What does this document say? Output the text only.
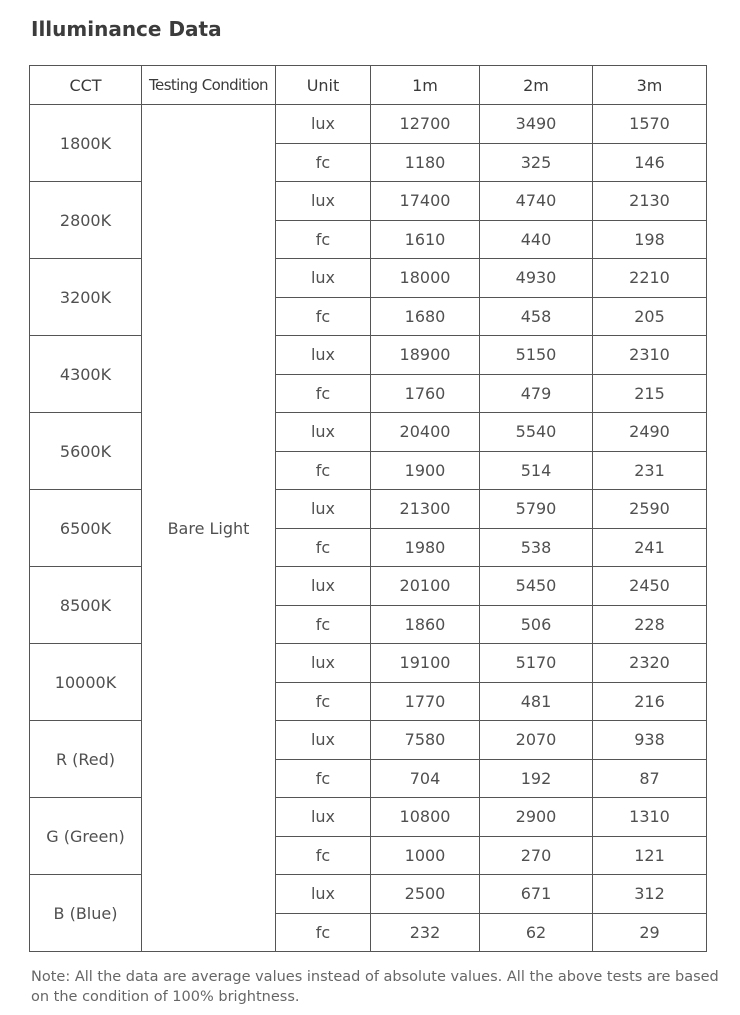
Illuminance Data
CCT	Testing Condition	Unit	1m	2m	3m
1800K	Bare Light	lux	12700	3490	1570
		fc	1180	325	146
2800K		lux	17400	4740	2130
		fc	1610	440	198
3200K		lux	18000	4930	2210
		fc	1680	458	205
4300K		lux	18900	5150	2310
		fc	1760	479	215
5600K		lux	20400	5540	2490
		fc	1900	514	231
6500K		lux	21300	5790	2590
		fc	1980	538	241
8500K		lux	20100	5450	2450
		fc	1860	506	228
10000K		lux	19100	5170	2320
		fc	1770	481	216
R (Red)		lux	7580	2070	938
		fc	704	192	87
G (Green)		lux	10800	2900	1310
		fc	1000	270	121
B (Blue)		lux	2500	671	312
		fc	232	62	29

Note: All the data are average values instead of absolute values. All the above tests are based on the condition of 100% brightness.
